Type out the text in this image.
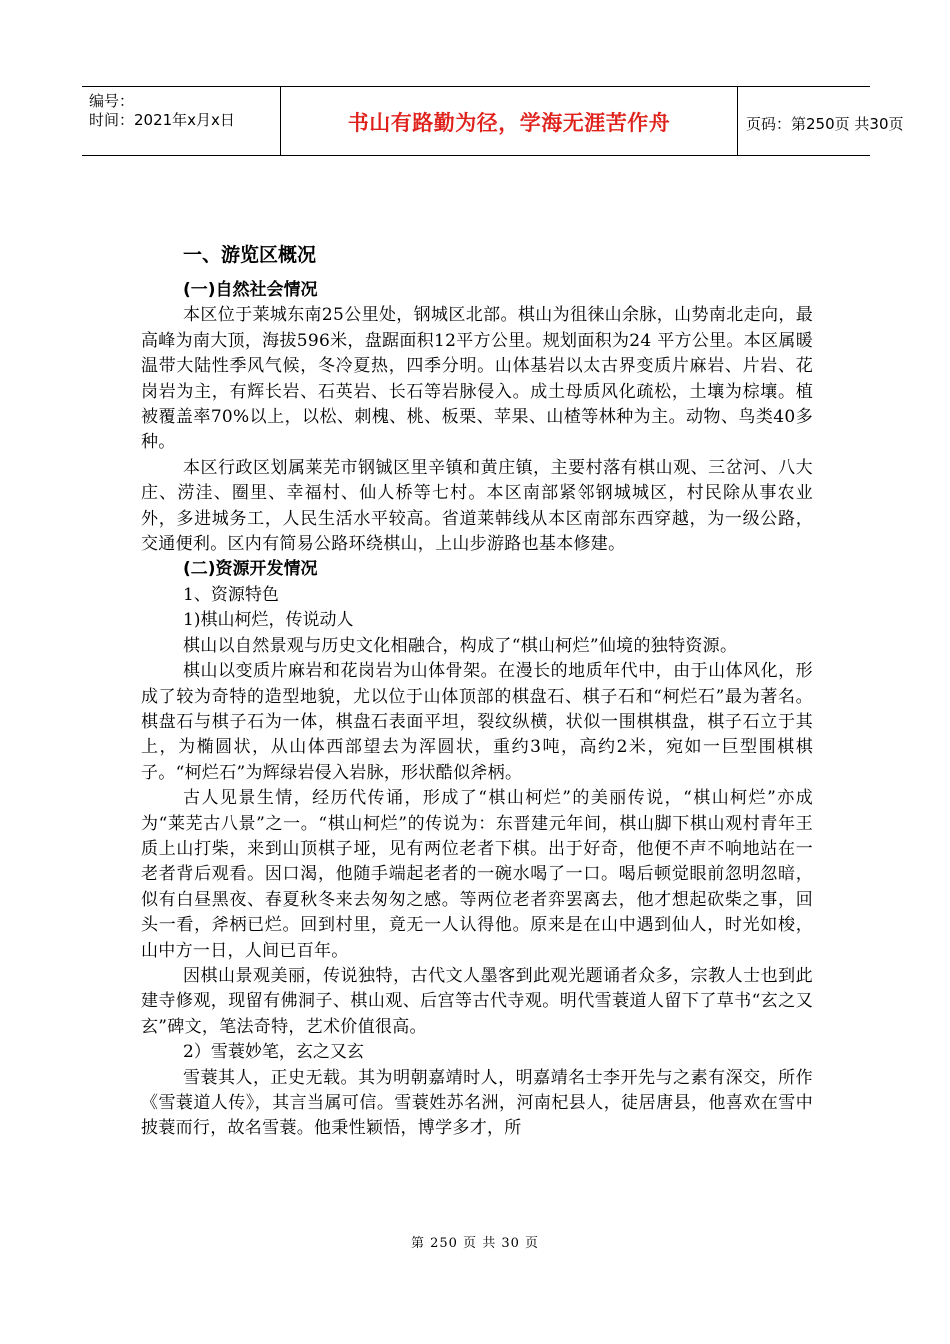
编号：
时间：2021年x月x日	书山有路勤为径，学海无涯苦作舟	页码：第250页 共30页
一、游览区概况
(一)自然社会情况

本区位于莱城东南25公里处，钢城区北部。棋山为徂徕山余脉，山势南北走向，最高峰为南大顶，海拔596米，盘踞面积12平方公里。规划面积为24 平方公里。本区属暖温带大陆性季风气候，冬冷夏热，四季分明。山体基岩以太古界变质片麻岩、片岩、花岗岩为主，有辉长岩、石英岩、长石等岩脉侵入。成土母质风化疏松，土壤为棕壤。植被覆盖率70%以上，以松、刺槐、桃、板栗、苹果、山楂等林种为主。动物、鸟类40多种。

本区行政区划属莱芜市钢铖区里辛镇和黄庄镇，主要村落有棋山观、三岔河、八大庄、涝洼、圈里、幸福村、仙人桥等七村。本区南部紧邻钢城城区，村民除从事农业外，多进城务工，人民生活水平较高。省道莱韩线从本区南部东西穿越，为一级公路，交通便利。区内有简易公路环绕棋山，上山步游路也基本修建。

(二)资源开发情况
1、资源特色
1)棋山柯烂，传说动人

棋山以自然景观与历史文化相融合，构成了“棋山柯烂”仙境的独特资源。

棋山以变质片麻岩和花岗岩为山体骨架。在漫长的地质年代中，由于山体风化，形成了较为奇特的造型地貌，尤以位于山体顶部的棋盘石、棋子石和“柯烂石”最为著名。棋盘石与棋子石为一体，棋盘石表面平坦，裂纹纵横，状似一围棋棋盘，棋子石立于其上，为椭圆状，从山体西部望去为浑圆状，重约3吨，高约2米，宛如一巨型围棋棋子。“柯烂石”为辉绿岩侵入岩脉，形状酷似斧柄。

古人见景生情，经历代传诵，形成了“棋山柯烂”的美丽传说，“棋山柯烂”亦成为“莱芜古八景”之一。“棋山柯烂”的传说为：东晋建元年间，棋山脚下棋山观村青年王质上山打柴，来到山顶棋子垭，见有两位老者下棋。出于好奇，他便不声不响地站在一老者背后观看。因口渴，他随手端起老者的一碗水喝了一口。喝后顿觉眼前忽明忽暗，似有白昼黑夜、春夏秋冬来去匆匆之感。等两位老者弈罢离去，他才想起砍柴之事，回头一看，斧柄已烂。回到村里，竟无一人认得他。原来是在山中遇到仙人，时光如梭，山中方一日，人间已百年。

因棋山景观美丽，传说独特，古代文人墨客到此观光题诵者众多，宗教人士也到此建寺修观，现留有佛洞子、棋山观、后宫等古代寺观。明代雪蓑道人留下了草书“玄之又玄”碑文，笔法奇特，艺术价值很高。

2）雪蓑妙笔，玄之又玄

雪蓑其人，正史无载。其为明朝嘉靖时人，明嘉靖名士李开先与之素有深交，所作《雪蓑道人传》，其言当属可信。雪蓑姓苏名洲，河南杞县人，徒居唐县，他喜欢在雪中披蓑而行，故名雪蓑。他秉性颖悟，博学多才，所

第 250 页 共 30 页
